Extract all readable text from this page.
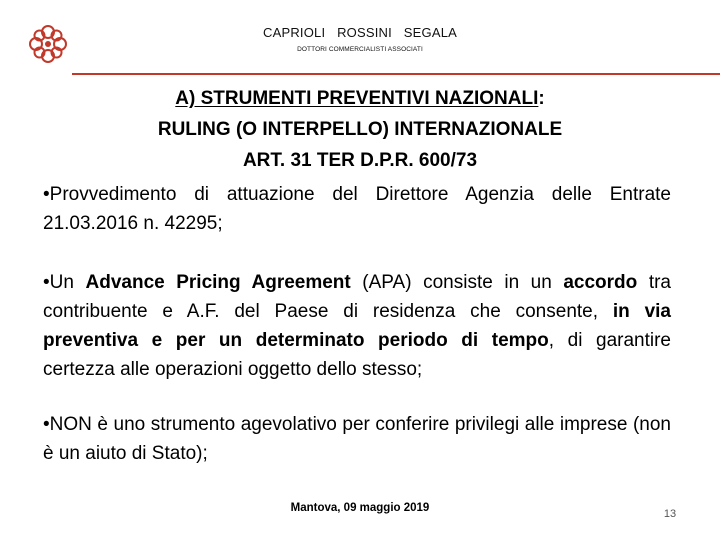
CAPRIOLI ROSSINI SEGALA
DOTTORI COMMERCIALISTI ASSOCIATI
A) STRUMENTI PREVENTIVI NAZIONALI:
RULING (O INTERPELLO) INTERNAZIONALE
ART. 31 TER D.P.R. 600/73
•Provvedimento di attuazione del Direttore Agenzia delle Entrate 21.03.2016 n. 42295;
•Un Advance Pricing Agreement (APA) consiste in un accordo tra contribuente e A.F. del Paese di residenza che consente, in via preventiva e per un determinato periodo di tempo, di garantire certezza alle operazioni oggetto dello stesso;
•NON è uno strumento agevolativo per conferire privilegi alle imprese (non è un aiuto di Stato);
Mantova, 09 maggio 2019	13
